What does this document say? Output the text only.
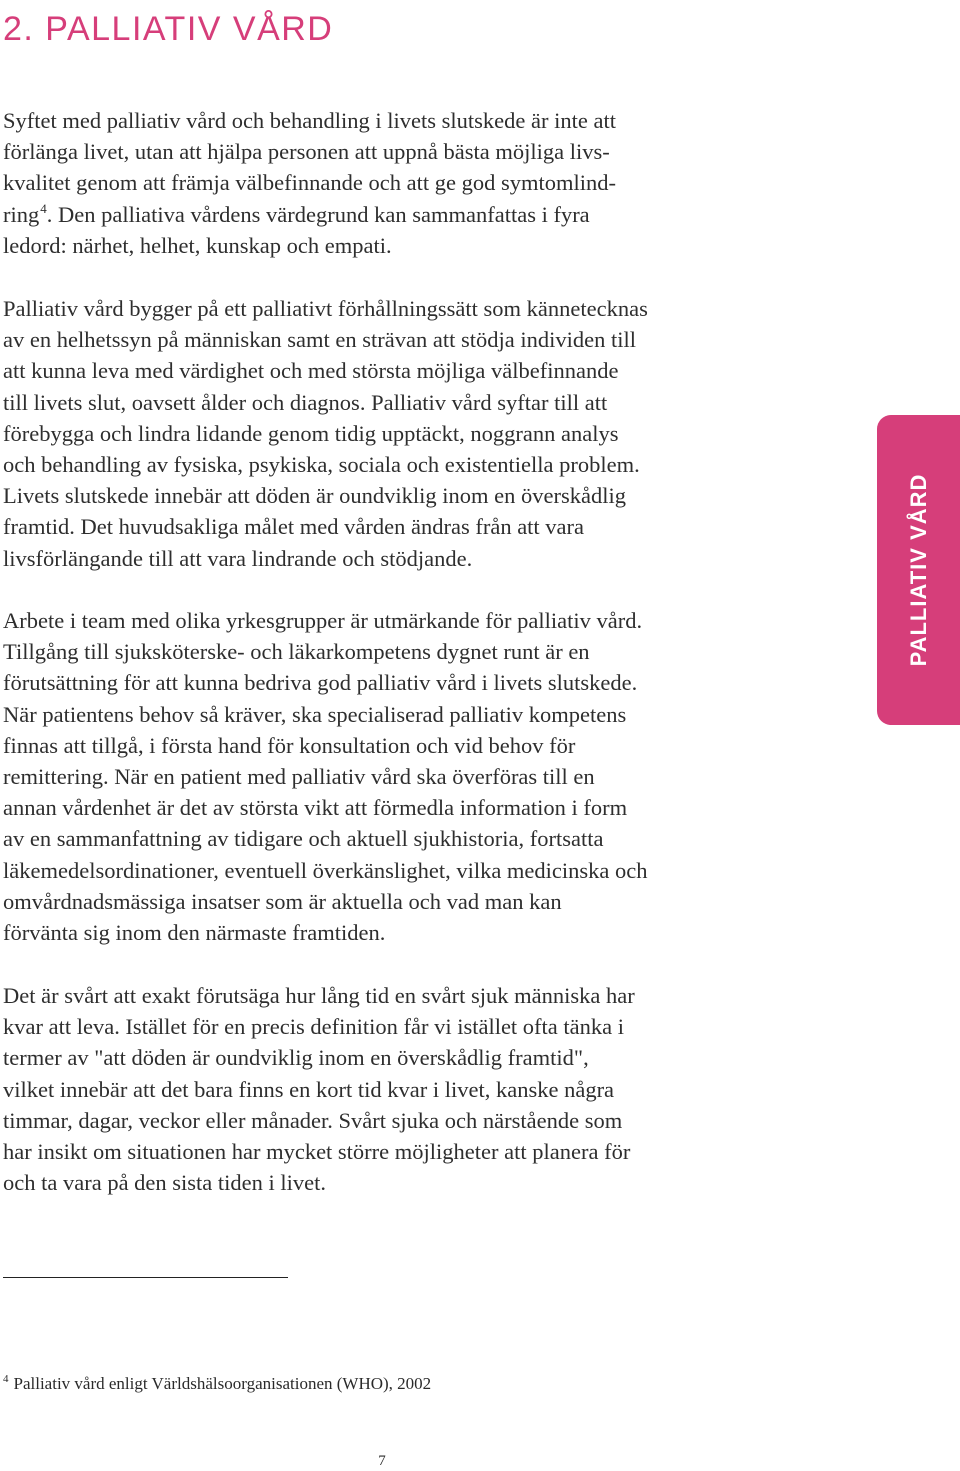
2. PALLIATIV VÅRD
Syftet med palliativ vård och behandling i livets slutskede är inte att
förlänga livet, utan att hjälpa personen att uppnå bästa möjliga livs-
kvalitet genom att främja välbefinnande och att ge god symtomlind-
ring$^4$. Den palliativa vårdens värdegrund kan sammanfattas i fyra
ledord: närhet, helhet, kunskap och empati.
Palliativ vård bygger på ett palliativt förhållningssätt som kännetecknas
av en helhetssyn på människan samt en strävan att stödja individen till
att kunna leva med värdighet och med största möjliga välbefinnande
till livets slut, oavsett ålder och diagnos. Palliativ vård syftar till att
förebygga och lindra lidande genom tidig upptäckt, noggrann analys
och behandling av fysiska, psykiska, sociala och existentiella problem.
Livets slutskede innebär att döden är oundviklig inom en överskådlig
framtid. Det huvudsakliga målet med vården ändras från att vara
livsförlängande till att vara lindrande och stödjande.
Arbete i team med olika yrkesgrupper är utmärkande för palliativ vård.
Tillgång till sjuksköterske- och läkarkompetens dygnet runt är en
förutsättning för att kunna bedriva god palliativ vård i livets slutskede.
När patientens behov så kräver, ska specialiserad palliativ kompetens
finnas att tillgå, i första hand för konsultation och vid behov för
remittering. När en patient med palliativ vård ska överföras till en
annan vårdenhet är det av största vikt att förmedla information i form
av en sammanfattning av tidigare och aktuell sjukhistoria, fortsatta
läkemedelsordinationer, eventuell överkänslighet, vilka medicinska och
omvårdnadsmässiga insatser som är aktuella och vad man kan
förvänta sig inom den närmaste framtiden.
Det är svårt att exakt förutsäga hur lång tid en svårt sjuk människa har
kvar att leva. Istället för en precis definition får vi istället ofta tänka i
termer av "att döden är oundviklig inom en överskådlig framtid",
vilket innebär att det bara finns en kort tid kvar i livet, kanske några
timmar, dagar, veckor eller månader. Svårt sjuka och närstående som
har insikt om situationen har mycket större möjligheter att planera för
och ta vara på den sista tiden i livet.
PALLIATIV VÅRD
$^4$ Palliativ vård enligt Världshälsoorganisationen (WHO), 2002
7
